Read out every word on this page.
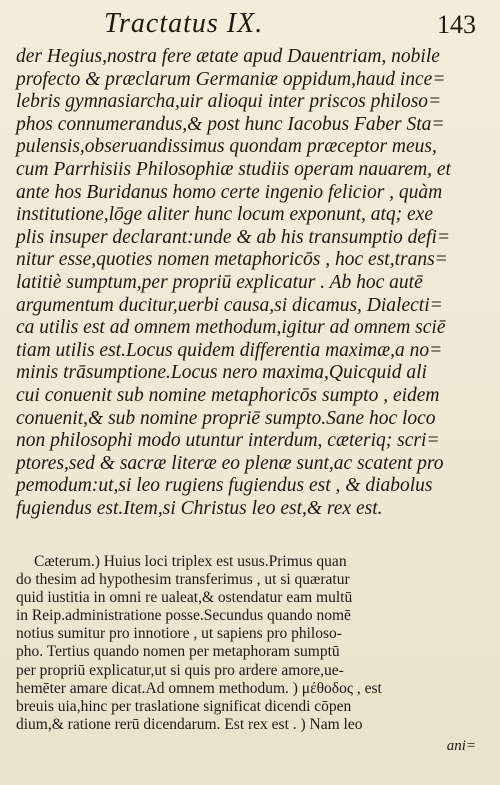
Tractatus IX.	143
der Hegius,nostra fere ætate apud Dauentriam, nobile
profecto & præclarum Germaniæ oppidum,haud ince=
lebris gymnasiarcha,uir alioqui inter priscos philoso=
phos connumerandus,& post hunc Iacobus Faber Sta=
pulensis,obseruandissimus quondam præceptor meus,
cum Parrhisiis Philosophiæ studiis operam nauarem, et
ante hos Buridanus homo certe ingenio felicior , quàm
institutione,lōge aliter hunc locum exponunt, atq; exe
plis insuper declarant:unde & ab his transumptio defi=
nitur esse,quoties nomen metaphoricōs , hoc est,trans=
latitiè sumptum,per propriū explicatur . Ab hoc autē
argumentum ducitur,uerbi causa,si dicamus, Dialecti=
ca utilis est ad omnem methodum,igitur ad omnem sciē
tiam utilis est.Locus quidem differentia maximæ,a no=
minis trāsumptione.Locus nero maxima,Quicquid ali
cui conuenit sub nomine metaphoricōs sumpto , eidem
conuenit,& sub nomine propriē sumpto.Sane hoc loco
non philosophi modo utuntur interdum, cæteriq; scri=
ptores,sed & sacræ literæ eo plenæ sunt,ac scatent pro
pemodum:ut,si leo rugiens fugiendus est , & diabolus
fugiendus est.Item,si Christus leo est,& rex est.
Cæterum.) Huius loci triplex est usus.Primus quan
do thesim ad hypothesim transferimus , ut si quæratur
quid iustitia in omni re ualeat,& ostendatur eam multū
in Reip.administratione posse.Secundus quando nomē
notius sumitur pro innotiore , ut sapiens pro philoso-
pho. Tertius quando nomen per metaphoram sumptū
per propriū explicatur,ut si quis pro ardere amore,ue-
hemēter amare dicat.Ad omnem methodum. ) μέθοδος , est
breuis uia,hinc per traslatione significat dicendi cōpen
dium,& ratione rerū dicendarum. Est rex est . ) Nam leo
ani=
